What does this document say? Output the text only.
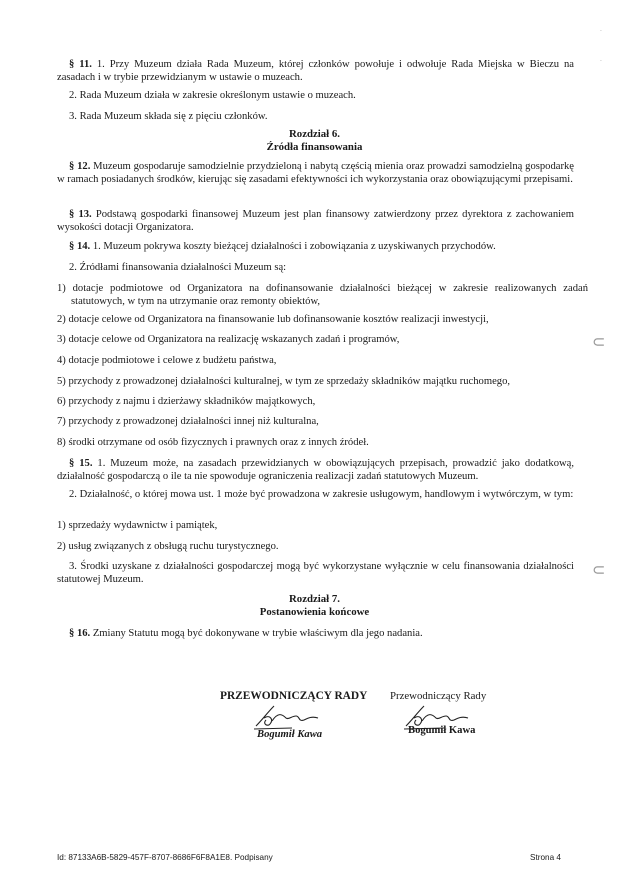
§ 11. 1. Przy Muzeum działa Rada Muzeum, której członków powołuje i odwołuje Rada Miejska w Bieczu na zasadach i w trybie przewidzianym w ustawie o muzeach.

2. Rada Muzeum działa w zakresie określonym ustawie o muzeach.

3. Rada Muzeum składa się z pięciu członków.

Rozdział 6.

Źródła finansowania

§ 12. Muzeum gospodaruje samodzielnie przydzieloną i nabytą częścią mienia oraz prowadzi samodzielną gospodarkę w ramach posiadanych środków, kierując się zasadami efektywności ich wykorzystania oraz obowiązującymi przepisami.

§ 13. Podstawą gospodarki finansowej Muzeum jest plan finansowy zatwierdzony przez dyrektora z zachowaniem wysokości dotacji Organizatora.

§ 14. 1. Muzeum pokrywa koszty bieżącej działalności i zobowiązania z uzyskiwanych przychodów.

2. Źródłami finansowania działalności Muzeum są:

1) dotacje podmiotowe od Organizatora na dofinansowanie działalności bieżącej w zakresie realizowanych zadań statutowych, w tym na utrzymanie oraz remonty obiektów,

2) dotacje celowe od Organizatora na finansowanie lub dofinansowanie kosztów realizacji inwestycji,

3) dotacje celowe od Organizatora na realizację wskazanych zadań i programów,

4) dotacje podmiotowe i celowe z budżetu państwa,

5) przychody z prowadzonej działalności kulturalnej, w tym ze sprzedaży składników majątku ruchomego,

6) przychody z najmu i dzierżawy składników majątkowych,

7) przychody z prowadzonej działalności innej niż kulturalna,

8) środki otrzymane od osób fizycznych i prawnych oraz z innych źródeł.

§ 15. 1. Muzeum może, na zasadach przewidzianych w obowiązujących przepisach, prowadzić jako dodatkową, działalność gospodarczą o ile ta nie spowoduje ograniczenia realizacji zadań statutowych Muzeum.

2. Działalność, o której mowa ust. 1 może być prowadzona w zakresie usługowym, handlowym i wytwórczym, w tym:

1) sprzedaży wydawnictw i pamiątek,

2) usług związanych z obsługą ruchu turystycznego.

3. Środki uzyskane z działalności gospodarczej mogą być wykorzystane wyłącznie w celu finansowania działalności statutowej Muzeum.

Rozdział 7.

Postanowienia końcowe

§ 16. Zmiany Statutu mogą być dokonywane w trybie właściwym dla jego nadania.

PRZEWODNICZĄCY RADY
Bogumił Kawa
Przewodniczący Rady
Bogumił Kawa
Id: 87133A6B-5829-457F-8707-8686F6F8A1E8. Podpisany	Strona 4
⊂
⊂
·
·
